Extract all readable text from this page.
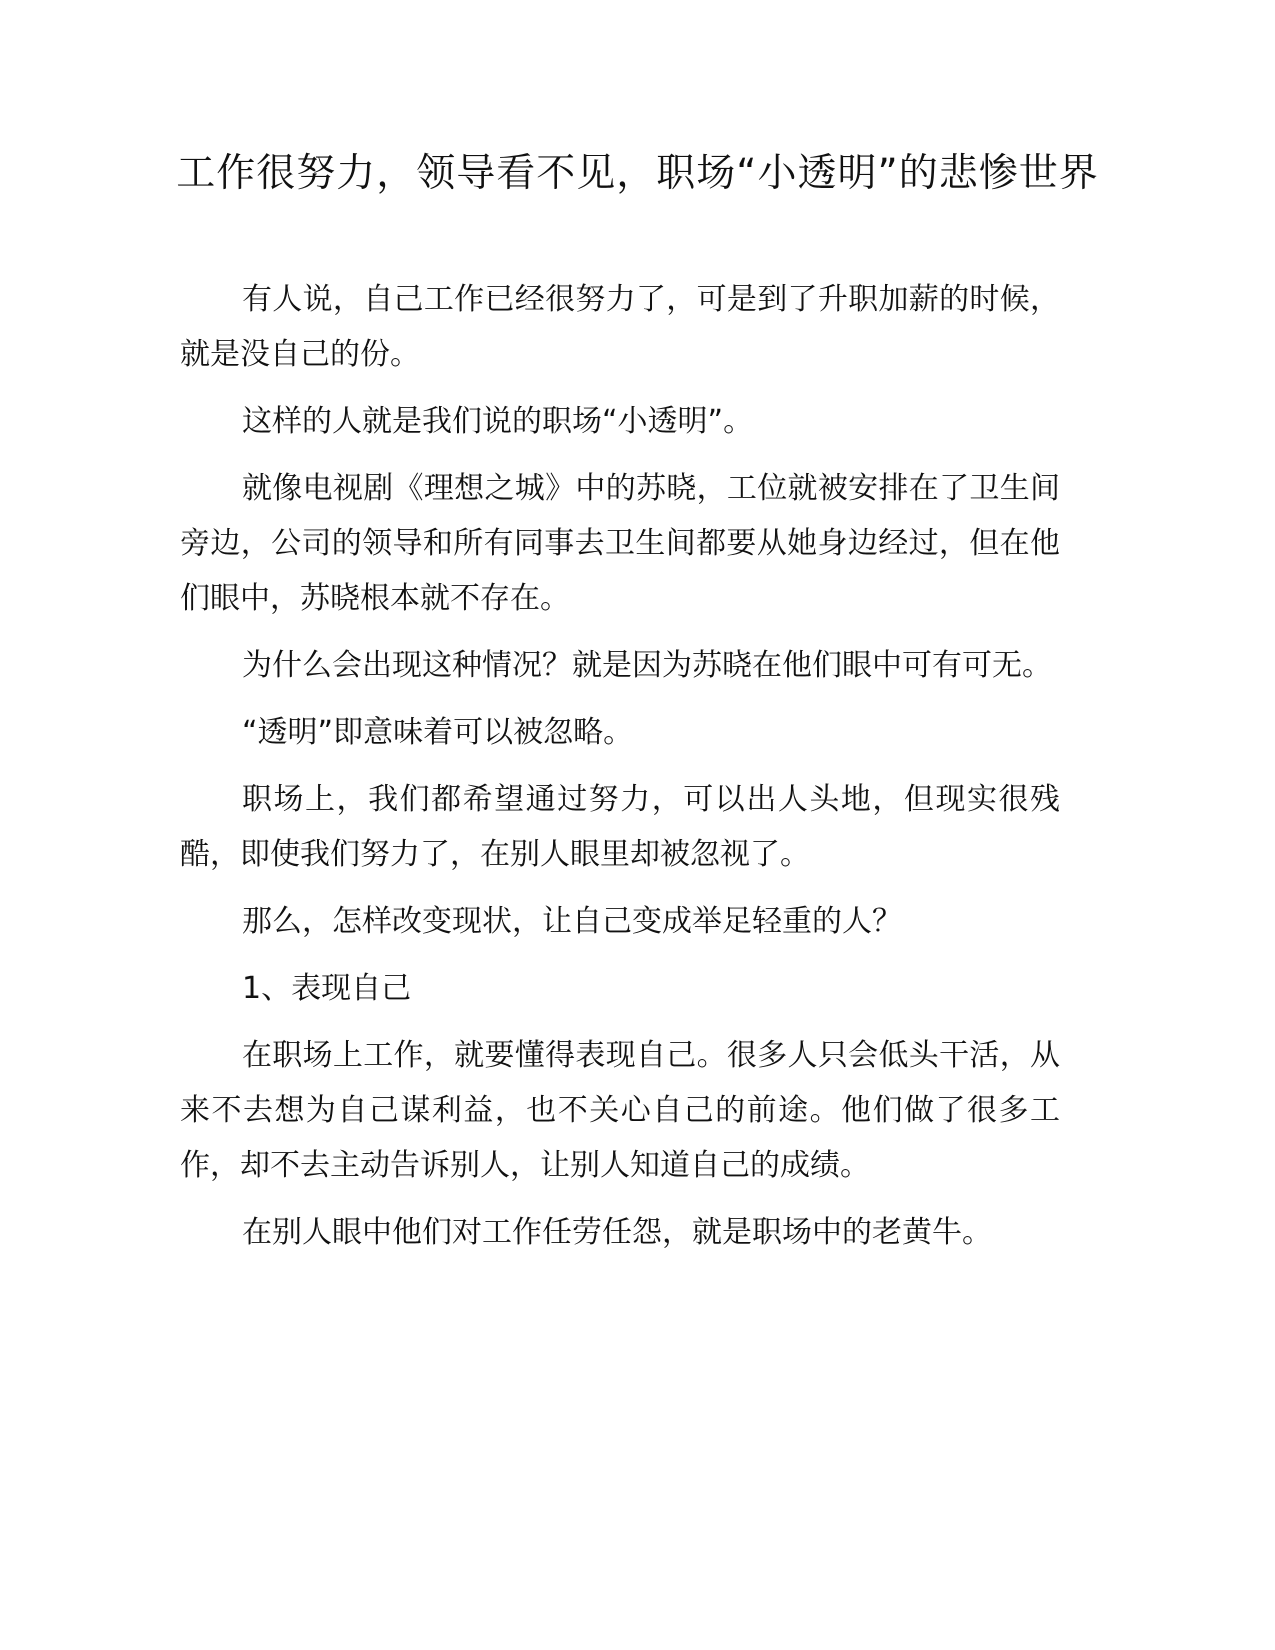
工作很努力，领导看不见，职场“小透明”的悲惨世界

有人说，自己工作已经很努力了，可是到了升职加薪的时候，就是没自己的份。

这样的人就是我们说的职场“小透明”。

就像电视剧《理想之城》中的苏晓，工位就被安排在了卫生间旁边，公司的领导和所有同事去卫生间都要从她身边经过，但在他们眼中，苏晓根本就不存在。

为什么会出现这种情况？就是因为苏晓在他们眼中可有可无。

“透明”即意味着可以被忽略。

职场上，我们都希望通过努力，可以出人头地，但现实很残酷，即使我们努力了，在别人眼里却被忽视了。

那么，怎样改变现状，让自己变成举足轻重的人？

1、表现自己

在职场上工作，就要懂得表现自己。很多人只会低头干活，从来不去想为自己谋利益，也不关心自己的前途。他们做了很多工作，却不去主动告诉别人，让别人知道自己的成绩。

在别人眼中他们对工作任劳任怨，就是职场中的老黄牛。
